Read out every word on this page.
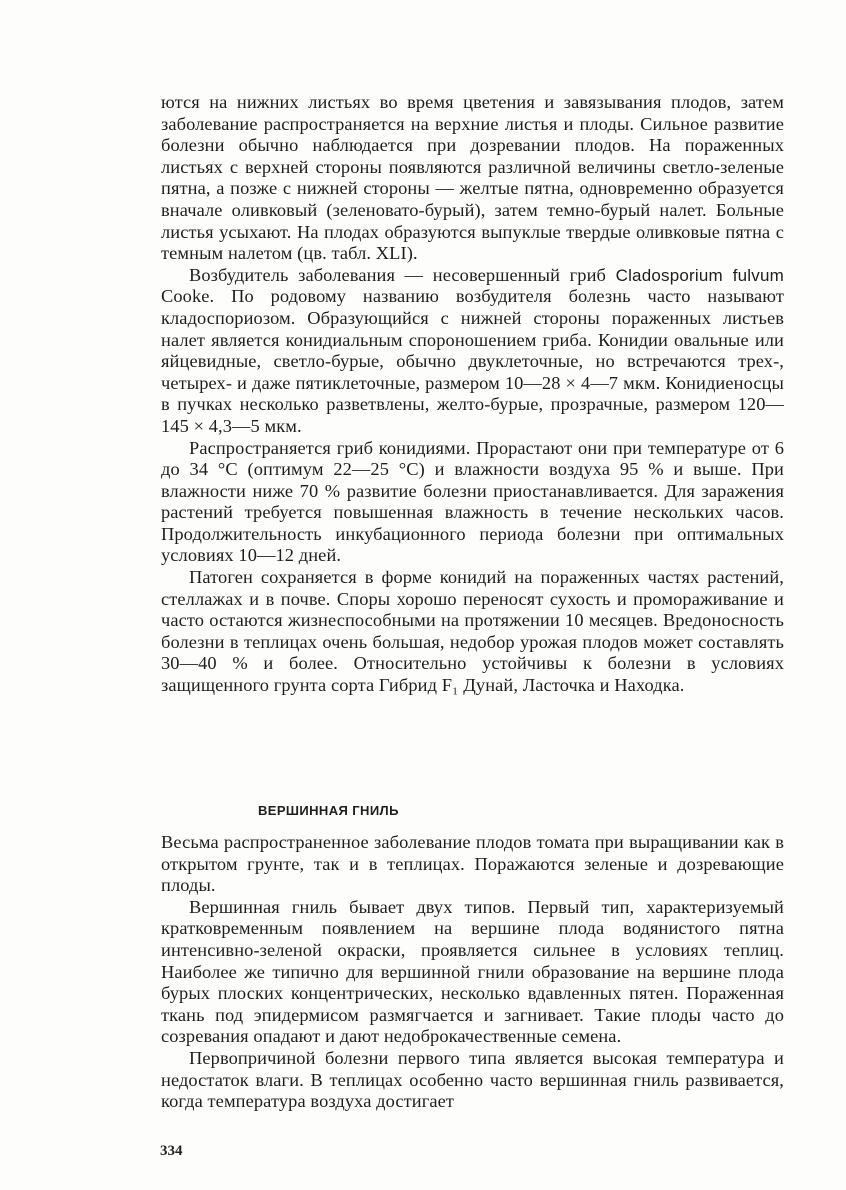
ются на нижних листьях во время цветения и завязывания плодов, затем заболевание распространяется на верхние листья и плоды. Сильное развитие болезни обычно наблюдается при дозревании плодов. На пораженных листьях с верхней стороны появляются различной величины светло-зеленые пятна, а позже с нижней стороны — желтые пятна, одновременно образуется вначале оливковый (зеленовато-бурый), затем темно-бурый налет. Больные листья усыхают. На плодах образуются выпуклые твердые оливковые пятна с темным налетом (цв. табл. XLI).

Возбудитель заболевания — несовершенный гриб Cladosporium fulvum Cooke. По родовому названию возбудителя болезнь часто называют кладоспориозом. Образующийся с нижней стороны пораженных листьев налет является конидиальным спороношением гриба. Конидии овальные или яйцевидные, светло-бурые, обычно двуклеточные, но встречаются трех-, четырех- и даже пятиклеточные, размером 10—28 × 4—7 мкм. Конидиеносцы в пучках несколько разветвлены, желто-бурые, прозрачные, размером 120—145 × 4,3—5 мкм.

Распространяется гриб конидиями. Прорастают они при температуре от 6 до 34 °С (оптимум 22—25 °С) и влажности воздуха 95 % и выше. При влажности ниже 70 % развитие болезни приостанавливается. Для заражения растений требуется повышенная влажность в течение нескольких часов. Продолжительность инкубационного периода болезни при оптимальных условиях 10—12 дней.

Патоген сохраняется в форме конидий на пораженных частях растений, стеллажах и в почве. Споры хорошо переносят сухость и промораживание и часто остаются жизнеспособными на протяжении 10 месяцев. Вредоносность болезни в теплицах очень большая, недобор урожая плодов может составлять 30—40 % и более. Относительно устойчивы к болезни в условиях защищенного грунта сорта Гибрид F₁ Дунай, Ласточка и Находка.

ВЕРШИННАЯ ГНИЛЬ

Весьма распространенное заболевание плодов томата при выращивании как в открытом грунте, так и в теплицах. Поражаются зеленые и дозревающие плоды.

Вершинная гниль бывает двух типов. Первый тип, характеризуемый кратковременным появлением на вершине плода водянистого пятна интенсивно-зеленой окраски, проявляется сильнее в условиях теплиц. Наиболее же типично для вершинной гнили образование на вершине плода бурых плоских концентрических, несколько вдавленных пятен. Пораженная ткань под эпидермисом размягчается и загнивает. Такие плоды часто до созревания опадают и дают недоброкачественные семена.

Первопричиной болезни первого типа является высокая температура и недостаток влаги. В теплицах особенно часто вершинная гниль развивается, когда температура воздуха достигает

334
